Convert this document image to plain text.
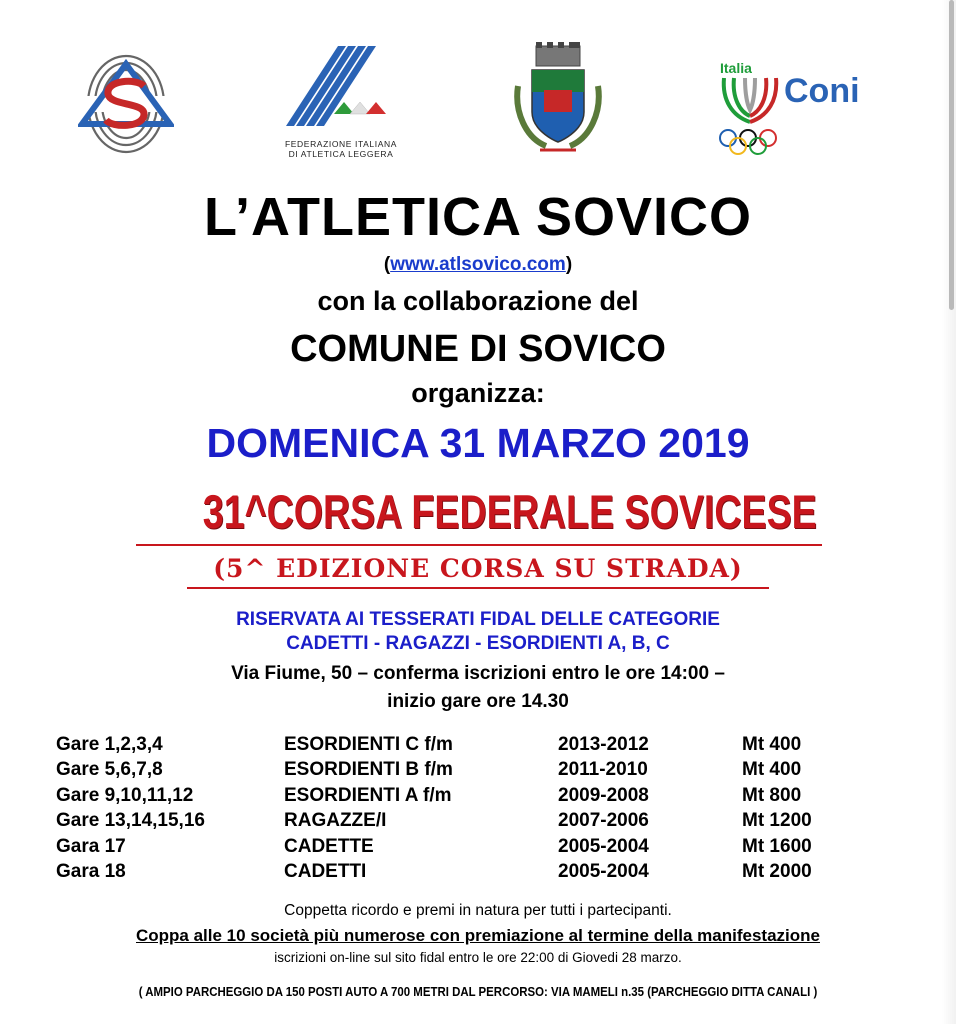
FEDERAZIONE ITALIANA
DI ATLETICA LEGGERA
Italia
Coni
L’ATLETICA SOVICO
(www.atlsovico.com)
con la collaborazione del
COMUNE DI SOVICO
organizza:
DOMENICA 31 MARZO 2019
31^CORSA FEDERALE SOVICESE
(5^ EDIZIONE CORSA SU STRADA)
RISERVATA AI TESSERATI FIDAL DELLE CATEGORIE
CADETTI - RAGAZZI - ESORDIENTI A, B, C
Via Fiume, 50 – conferma iscrizioni entro le ore 14:00 –
inizio gare ore 14.30
Gare 1,2,3,4	ESORDIENTI C f/m	2013-2012	Mt 400
Gare 5,6,7,8	ESORDIENTI B f/m	2011-2010	Mt 400
Gare 9,10,11,12	ESORDIENTI A f/m	2009-2008	Mt 800
Gare 13,14,15,16	RAGAZZE/I	2007-2006	Mt 1200
Gara 17	CADETTE	2005-2004	Mt 1600
Gara 18	CADETTI	2005-2004	Mt 2000
Coppetta ricordo e premi in natura per tutti i partecipanti.
Coppa alle 10 società più numerose con premiazione al termine della manifestazione
iscrizioni on-line sul sito fidal entro le ore 22:00 di Giovedi 28 marzo.
( AMPIO PARCHEGGIO DA 150 POSTI AUTO A 700 METRI DAL PERCORSO: VIA MAMELI n.35 (PARCHEGGIO DITTA CANALI )
